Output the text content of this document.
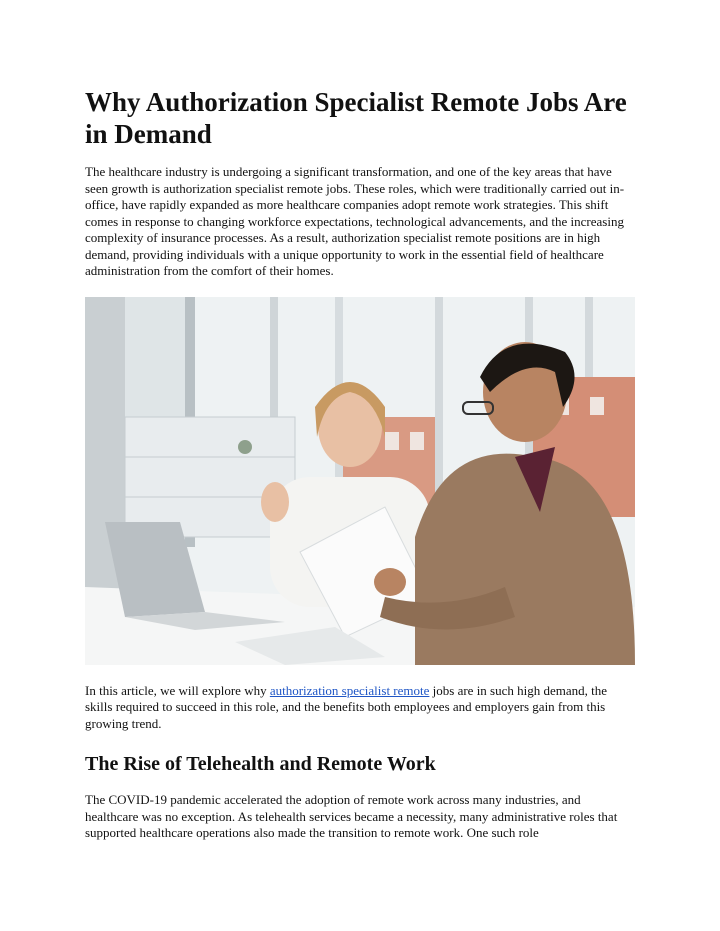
Why Authorization Specialist Remote Jobs Are in Demand

The healthcare industry is undergoing a significant transformation, and one of the key areas that have seen growth is authorization specialist remote jobs. These roles, which were traditionally carried out in-office, have rapidly expanded as more healthcare companies adopt remote work strategies. This shift comes in response to changing workforce expectations, technological advancements, and the increasing complexity of insurance processes. As a result, authorization specialist remote positions are in high demand, providing individuals with a unique opportunity to work in the essential field of healthcare administration from the comfort of their homes.

In this article, we will explore why authorization specialist remote jobs are in such high demand, the skills required to succeed in this role, and the benefits both employees and employers gain from this growing trend.

The Rise of Telehealth and Remote Work

The COVID-19 pandemic accelerated the adoption of remote work across many industries, and healthcare was no exception. As telehealth services became a necessity, many administrative roles that supported healthcare operations also made the transition to remote work. One such role
